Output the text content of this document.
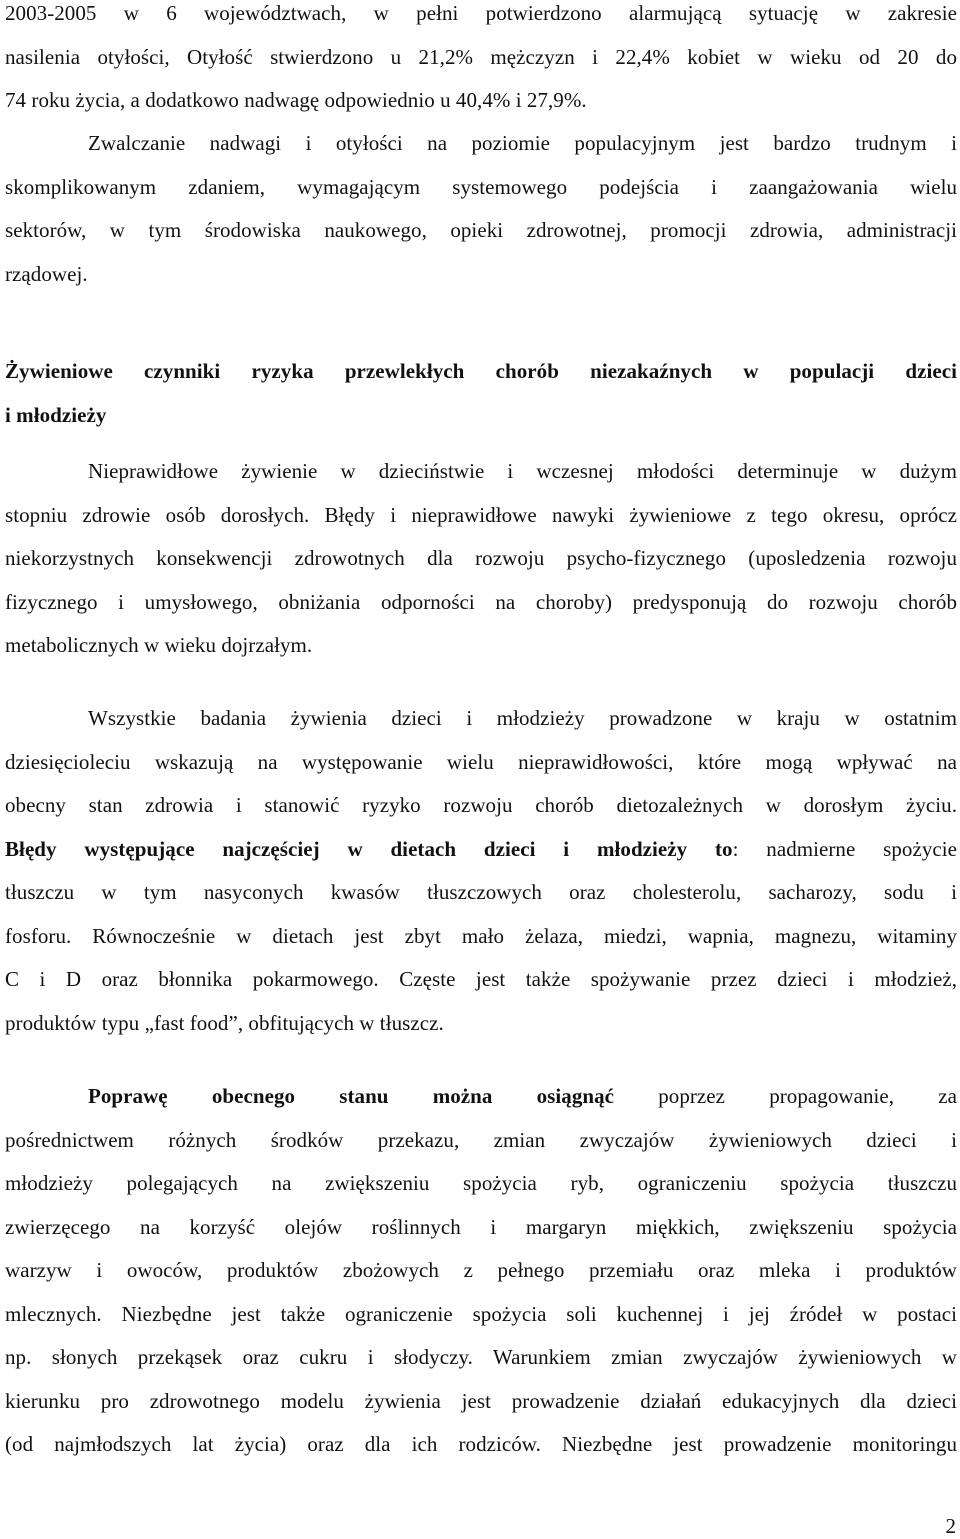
2003-2005 w 6 województwach, w pełni potwierdzono alarmującą sytuację w zakresie
nasilenia otyłości, Otyłość stwierdzono u 21,2% mężczyzn i 22,4% kobiet w wieku od 20 do
74 roku życia, a dodatkowo nadwagę odpowiednio u 40,4% i 27,9%.
Zwalczanie nadwagi i otyłości na poziomie populacyjnym jest bardzo trudnym i
skomplikowanym zdaniem, wymagającym systemowego podejścia i zaangażowania wielu
sektorów, w tym środowiska naukowego, opieki zdrowotnej, promocji zdrowia, administracji
rządowej.
Żywieniowe czynniki ryzyka przewlekłych chorób niezakaźnych w populacji dzieci
i młodzieży
Nieprawidłowe żywienie w dzieciństwie i wczesnej młodości determinuje w dużym
stopniu zdrowie osób dorosłych. Błędy i nieprawidłowe nawyki żywieniowe z tego okresu, oprócz
niekorzystnych konsekwencji zdrowotnych dla rozwoju psycho-fizycznego (uposledzenia rozwoju
fizycznego i umysłowego, obniżania odporności na choroby) predysponują do rozwoju chorób
metabolicznych w wieku dojrzałym.
Wszystkie badania żywienia dzieci i młodzieży prowadzone w kraju w ostatnim
dziesięcioleciu wskazują na występowanie wielu nieprawidłowości, które mogą wpływać na
obecny stan zdrowia i stanowić ryzyko rozwoju chorób dietozależnych w dorosłym życiu.
Błędy występujące najczęściej w dietach dzieci i młodzieży to: nadmierne spożycie
tłuszczu w tym nasyconych kwasów tłuszczowych oraz cholesterolu, sacharozy, sodu i
fosforu. Równocześnie w dietach jest zbyt mało żelaza, miedzi, wapnia, magnezu, witaminy
C i D oraz błonnika pokarmowego. Częste jest także spożywanie przez dzieci i młodzież,
produktów typu „fast food”, obfitujących w tłuszcz.
Poprawę obecnego stanu można osiągnąć poprzez propagowanie, za
pośrednictwem różnych środków przekazu, zmian zwyczajów żywieniowych dzieci i
młodzieży polegających na zwiększeniu spożycia ryb, ograniczeniu spożycia tłuszczu
zwierzęcego na korzyść olejów roślinnych i margaryn miękkich, zwiększeniu spożycia
warzyw i owoców, produktów zbożowych z pełnego przemiału oraz mleka i produktów
mlecznych. Niezbędne jest także ograniczenie spożycia soli kuchennej i jej źródeł w postaci
np. słonych przekąsek oraz cukru i słodyczy. Warunkiem zmian zwyczajów żywieniowych w
kierunku pro zdrowotnego modelu żywienia jest prowadzenie działań edukacyjnych dla dzieci
(od najmłodszych lat życia) oraz dla ich rodziców. Niezbędne jest prowadzenie monitoringu
2
